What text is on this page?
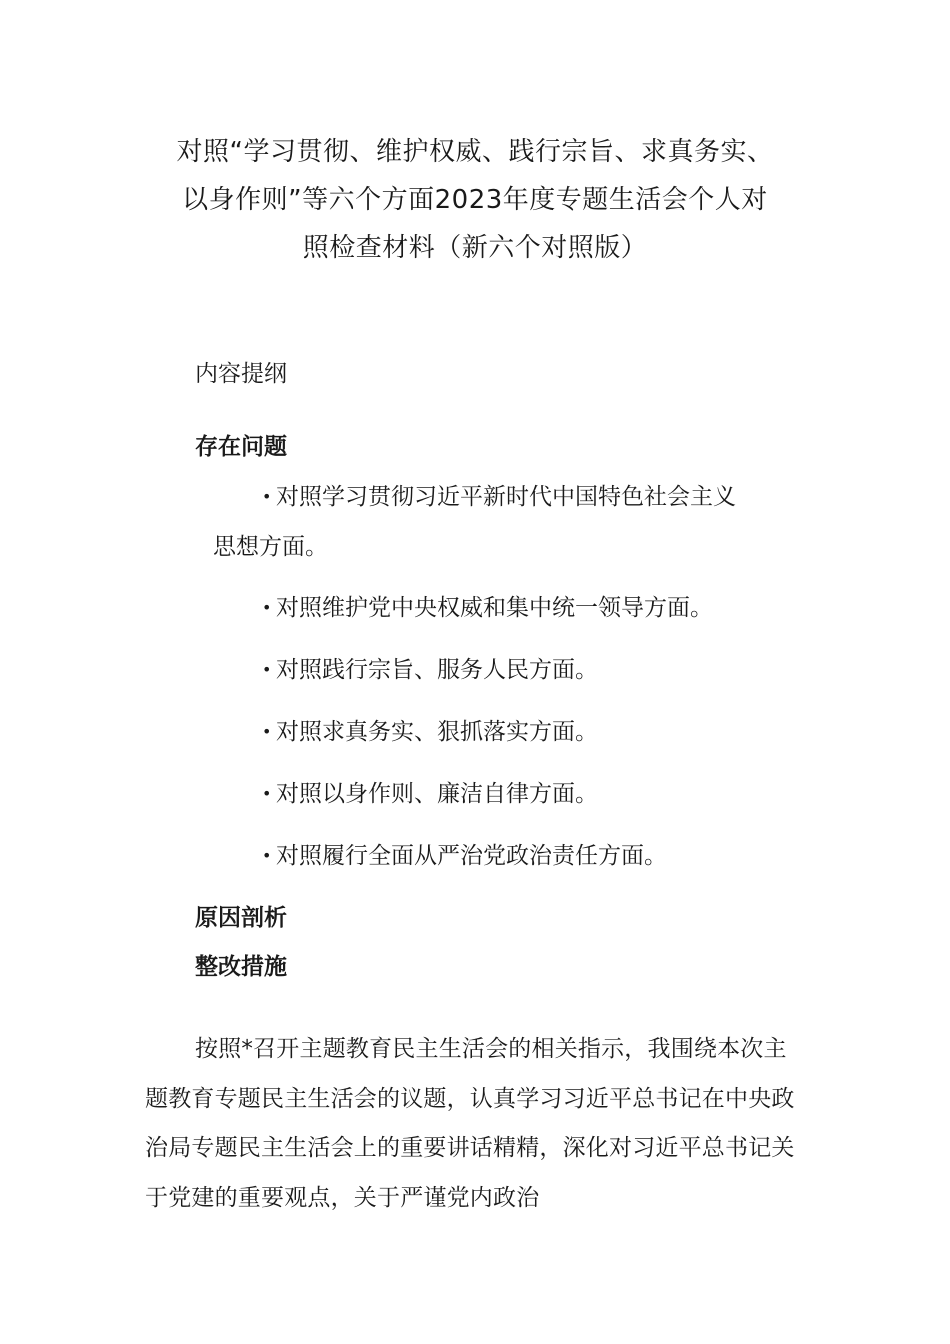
对照“学习贯彻、维护权威、践行宗旨、求真务实、
以身作则”等六个方面2023年度专题生活会个人对
照检查材料（新六个对照版）
内容提纲
存在问题
• 对照学习贯彻习近平新时代中国特色社会主义
思想方面。
• 对照维护党中央权威和集中统一领导方面。
• 对照践行宗旨、服务人民方面。
• 对照求真务实、狠抓落实方面。
• 对照以身作则、廉洁自律方面。
• 对照履行全面从严治党政治责任方面。
原因剖析
整改措施
按照*召开主题教育民主生活会的相关指示，我围绕本次主题教育专题民主生活会的议题，认真学习习近平总书记在中央政治局专题民主生活会上的重要讲话精精，深化对习近平总书记关于党建的重要观点，关于严谨党内政治
